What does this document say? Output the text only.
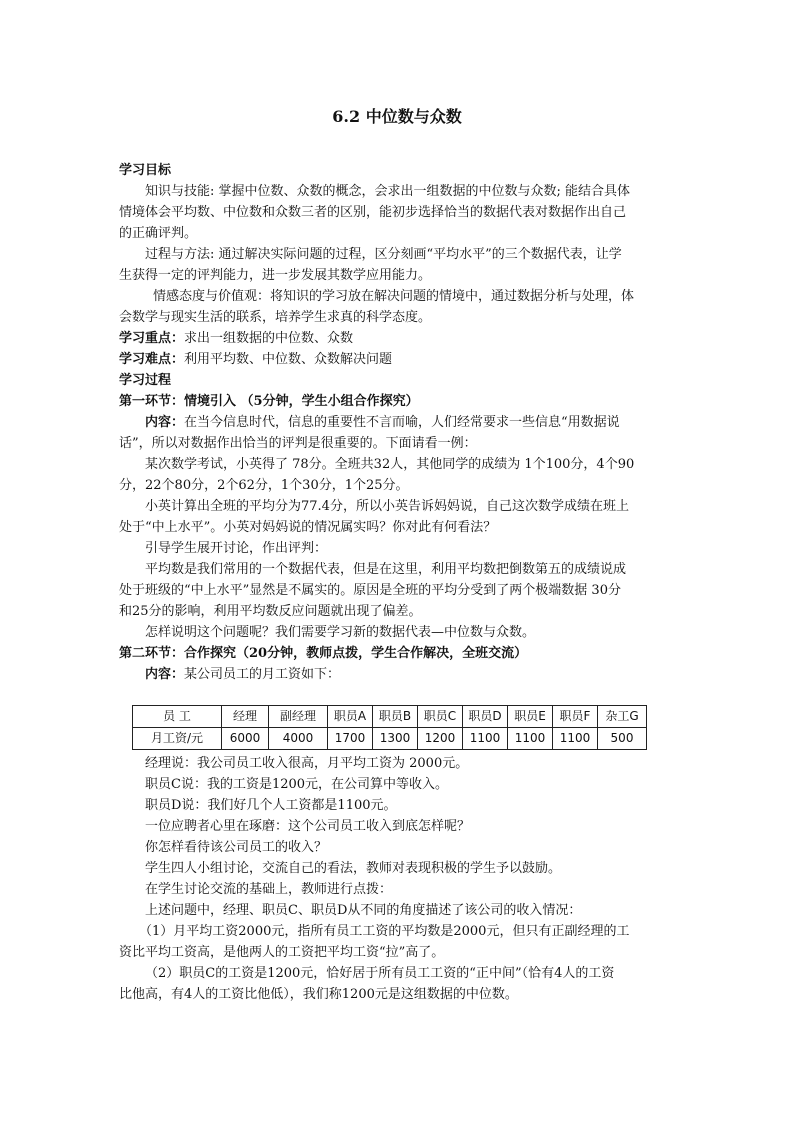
6.2 中位数与众数
学习目标
知识与技能: 掌握中位数、众数的概念，会求出一组数据的中位数与众数; 能结合具体
情境体会平均数、中位数和众数三者的区别，能初步选择恰当的数据代表对数据作出自己
的正确评判。
过程与方法: 通过解决实际问题的过程，区分刻画“平均水平”的三个数据代表，让学
生获得一定的评判能力，进一步发展其数学应用能力。
情感态度与价值观：将知识的学习放在解决问题的情境中，通过数据分析与处理，体
会数学与现实生活的联系，培养学生求真的科学态度。
学习重点：求出一组数据的中位数、众数
学习难点：利用平均数、中位数、众数解决问题
学习过程
第一环节：情境引入 （5分钟，学生小组合作探究）
内容：在当今信息时代，信息的重要性不言而喻，人们经常要求一些信息“用数据说
话”，所以对数据作出恰当的评判是很重要的。下面请看一例：
某次数学考试，小英得了 78分。全班共32人，其他同学的成绩为 1个100分，4个90
分，22个80分，2个62分，1个30分，1个25分。
小英计算出全班的平均分为77.4分，所以小英告诉妈妈说，自己这次数学成绩在班上
处于“中上水平”。小英对妈妈说的情况属实吗？你对此有何看法？
引导学生展开讨论，作出评判：
平均数是我们常用的一个数据代表，但是在这里，利用平均数把倒数第五的成绩说成
处于班级的“中上水平”显然是不属实的。原因是全班的平均分受到了两个极端数据 30分
和25分的影响，利用平均数反应问题就出现了偏差。
怎样说明这个问题呢？我们需要学习新的数据代表—中位数与众数。
第二环节：合作探究（20分钟，教师点拨，学生合作解决，全班交流）
内容：某公司员工的月工资如下：
员 工	经理	副经理	职员A	职员B	职员C	职员D	职员E	职员F	杂工G
月工资/元	6000	4000	1700	1300	1200	1100	1100	1100	500
经理说：我公司员工收入很高，月平均工资为 2000元。
职员C说：我的工资是1200元，在公司算中等收入。
职员D说：我们好几个人工资都是1100元。
一位应聘者心里在琢磨：这个公司员工收入到底怎样呢？
你怎样看待该公司员工的收入？
学生四人小组讨论，交流自己的看法，教师对表现积极的学生予以鼓励。
在学生讨论交流的基础上，教师进行点拨：
上述问题中，经理、职员C、职员D从不同的角度描述了该公司的收入情况：
（1）月平均工资2000元，指所有员工工资的平均数是2000元，但只有正副经理的工
资比平均工资高，是他两人的工资把平均工资“拉”高了。
（2）职员C的工资是1200元，恰好居于所有员工工资的“正中间”（恰有4人的工资
比他高，有4人的工资比他低），我们称1200元是这组数据的中位数。
